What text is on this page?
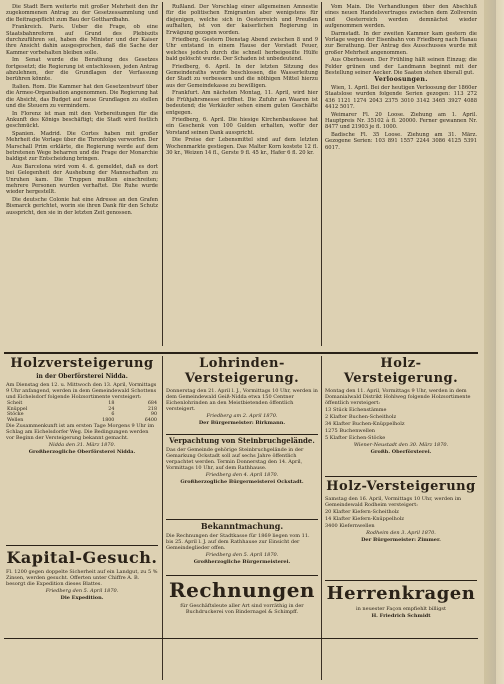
Die Stadt Bern weiterte mit großer Mehrheit den ihr zugekommenen Antrag zu der Gesetzessammlung und die Beitragspflicht zum Bau der Gotthardbahn.

Frankreich. Paris. Ueber die Frage, ob eine Staatsbahnreform auf Grund des Plebiszits durchzuführen sei, haben die Minister und der Kaiser ihre Ansicht dahin ausgesprochen, daß die Sache der Kammer vorbehalten bleiben solle.

Im Senat wurde die Berathung des Gesetzes fortgesetzt; die Regierung ist entschlossen, jeden Antrag abzulehnen, der die Grundlagen der Verfassung berühren könnte.

Italien. Rom. Die Kammer hat den Gesetzentwurf über die Armee-Organisation angenommen. Die Regierung hat die Absicht, das Budget auf neue Grundlagen zu stellen und die Steuern zu vermindern.

In Florenz ist man mit den Vorbereitungen für die Ankunft des Königs beschäftigt; die Stadt wird festlich geschmückt.

Spanien. Madrid. Die Cortes haben mit großer Mehrheit die Vorlage über die Thronfolge verworfen. Der Marschall Prim erklärte, die Regierung werde auf dem betretenen Wege beharren und die Frage der Monarchie baldigst zur Entscheidung bringen.

Aus Barcelona wird vom 4. d. gemeldet, daß es dort bei Gelegenheit der Aushebung der Mannschaften zu Unruhen kam. Die Truppen mußten einschreiten; mehrere Personen wurden verhaftet. Die Ruhe wurde wieder hergestellt.

Die deutsche Colonie hat eine Adresse an den Grafen Bismarck gerichtet, worin sie ihren Dank für den Schutz ausspricht, den sie in der letzten Zeit genossen.

Rußland. Der Vorschlag einer allgemeinen Amnestie für die politischen Emigranten aber wenigstens für diejenigen, welche sich in Oesterreich und Preußen aufhalten, ist von der kaiserlichen Regierung in Erwägung gezogen worden.

Friedberg. Gestern Dienstag Abend zwischen 8 und 9 Uhr entstand in einem Hause der Vorstadt Feuer, welches jedoch durch die schnell herbeigeeilte Hülfe bald gelöscht wurde. Der Schaden ist unbedeutend.

Friedberg, 6. April. In der letzten Sitzung des Gemeinderaths wurde beschlossen, die Wasserleitung der Stadt zu verbessern und die nöthigen Mittel hierzu aus der Gemeindekasse zu bewilligen.

Frankfurt. Am nächsten Montag, 11. April, wird hier die Frühjahrsmesse eröffnet. Die Zufuhr an Waaren ist bedeutend; die Verkäufer sehen einem guten Geschäfte entgegen.

Friedberg, 6. April. Die hiesige Kirchenbaukasse hat ein Geschenk von 100 Gulden erhalten, wofür der Vorstand seinen Dank ausspricht.

Die Preise der Lebensmittel sind auf dem letzten Wochenmarkte gestiegen. Das Malter Korn kostete 12 fl. 30 kr., Weizen 14 fl., Gerste 9 fl. 45 kr., Hafer 6 fl. 20 kr.

Vom Main. Die Verhandlungen über den Abschluß eines neuen Handelsvertrages zwischen dem Zollverein und Oesterreich werden demnächst wieder aufgenommen werden.

Darmstadt. In der zweiten Kammer kam gestern die Vorlage wegen der Eisenbahn von Friedberg nach Hanau zur Berathung. Der Antrag des Ausschusses wurde mit großer Mehrheit angenommen.

Aus Oberhessen. Der Frühling hält seinen Einzug; die Felder grünen und der Landmann beginnt mit der Bestellung seiner Aecker. Die Saaten stehen überall gut.

Verloosungen.

Wien, 1. April. Bei der heutigen Verloosung der 1860er Staatslose wurden folgende Serien gezogen: 113 272 436 1121 1274 2043 2375 3010 3142 3465 3927 4088 4412 5017.

Weimarer Fl. 20 Loose. Ziehung am 1. April. Hauptpreis Nr. 35102 à fl. 20000. Ferner gewannen Nr. 8477 und 21903 je fl. 1000.

Badische Fl. 35 Loose. Ziehung am 31. März. Gezogene Serien: 103 891 1557 2244 3086 4125 5391 6017.

Holzversteigerung
in der Oberförsterei Nidda.

Am Dienstag den 12. u. Mittwoch den 13. April, Vormittags 9 Uhr anfangend, werden in dem Gemeindewald Schottens und Eichelsdorf folgende Holzsortimente versteigert:

Scheit	18	684
Knüppel	24	218
Stöcke	6	90
Wellen	1800	6400

Die Zusammenkunft ist am ersten Tage Morgens 9 Uhr im Schlag am Eichelsdorfer Weg. Die Bedingungen werden vor Beginn der Versteigerung bekannt gemacht.

Nidda den 31. März 1870.

Großherzogliche Oberförsterei Nidda.

Kapital-Gesuch.

Fl. 1200 gegen doppelte Sicherheit auf ein Landgut, zu 5 % Zinsen, werden gesucht. Offerten unter Chiffre A. B. besorgt die Expedition dieses Blattes.

Friedberg den 5. April 1870.

Die Expedition.

Lohrinden-Versteigerung.

Donnerstag den 21. April l. J., Vormittags 10 Uhr, werden in dem Gemeindewald Geiß-Nidda etwa 150 Centner Eichenlohrinden an den Meistbietenden öffentlich versteigert.

Friedberg am 2. April 1870.

Der Bürgermeister: Birkmann.

Verpachtung von Steinbruchgelände.

Das der Gemeinde gehörige Steinbruchgelände in der Gemarkung Ockstadt soll auf sechs Jahre öffentlich verpachtet werden. Termin Donnerstag den 14. April, Vormittags 10 Uhr, auf dem Rathhause.

Friedberg den 4. April 1870.

Großherzogliche Bürgermeisterei Ockstadt.

Bekanntmachung.

Die Rechnungen der Stadtkasse für 1869 liegen vom 11. bis 25. April l. J. auf dem Rathhause zur Einsicht der Gemeindeglieder offen.

Friedberg den 5. April 1870.

Großherzogliche Bürgermeisterei.

Rechnungen

für Geschäftsleute aller Art sind vorräthig in der Buchdruckerei von Bindernagel & Schimpff.

Holz-Versteigerung.

Montag den 11. April, Vormittags 9 Uhr, werden in dem Domanialwald Distrikt Hohlweg folgende Holzsortimente öffentlich versteigert:

13 Stück Eichenstämme

2 Klafter Buchen-Scheitholz

34 Klafter Buchen-Knüppelholz

1275 Buchenwellen

5 Klafter Eichen-Stöcke

Wiener-Neustadt den 30. März 1870.

Großh. Oberförsterei.

Holz-Versteigerung

Samstag den 16. April, Vormittags 10 Uhr, werden im Gemeindewald Rodheim versteigert:

20 Klafter Kiefern-Scheitholz

14 Klafter Kiefern-Knüppelholz

3400 Kiefernwellen

Rodheim den 3. April 1870.

Der Bürgermeister: Zimmer.

Herrenkragen

in neuester Façon empfiehlt billigst

H. Friedrich Schmidt
